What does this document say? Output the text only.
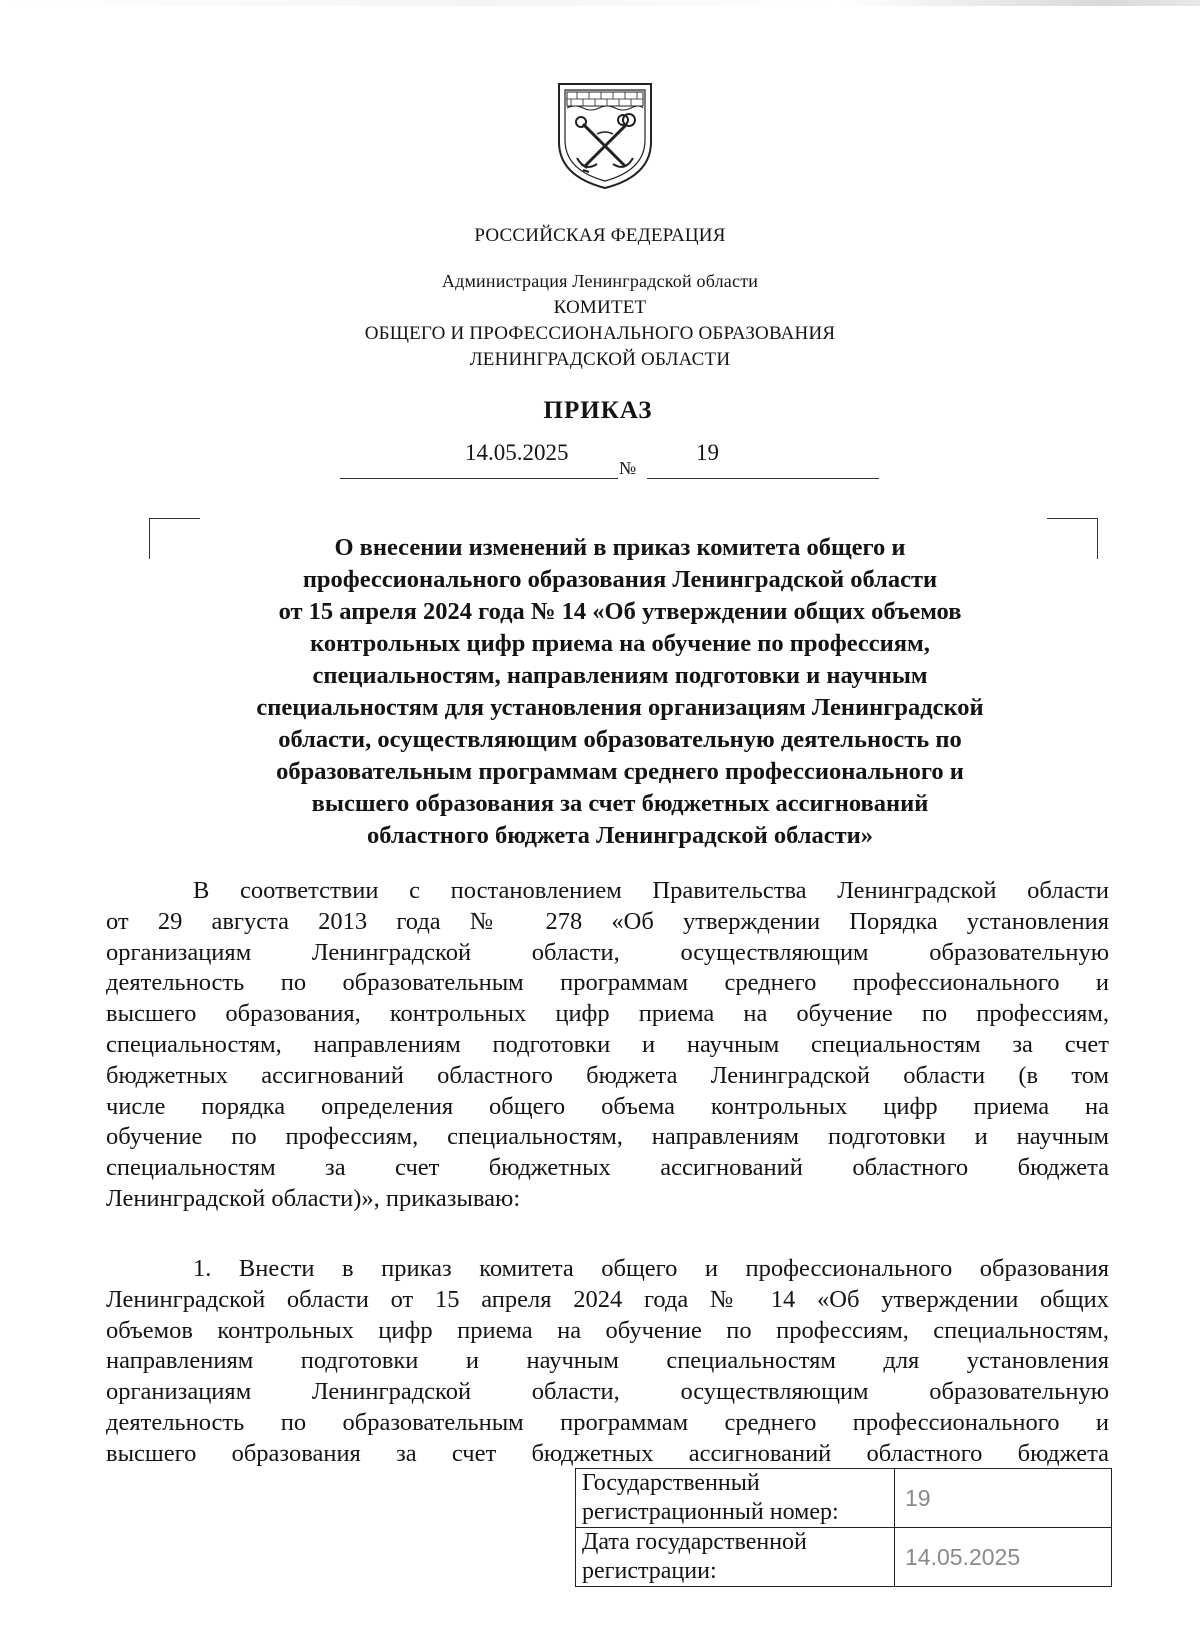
РОССИЙСКАЯ ФЕДЕРАЦИЯ
Администрация Ленинградской области
КОМИТЕТ
ОБЩЕГО И ПРОФЕССИОНАЛЬНОГО ОБРАЗОВАНИЯ
ЛЕНИНГРАДСКОЙ ОБЛАСТИ
ПРИКАЗ
14.05.2025
№
19
О внесении изменений в приказ комитета общего и
профессионального образования Ленинградской области
от 15 апреля 2024 года № 14 «Об утверждении общих объемов
контрольных цифр приема на обучение по профессиям,
специальностям, направлениям подготовки и научным
специальностям для установления организациям Ленинградской
области, осуществляющим образовательную деятельность по
образовательным программам среднего профессионального и
высшего образования за счет бюджетных ассигнований
областного бюджета Ленинградской области»
В соответствии с постановлением Правительства Ленинградской области
от 29 августа 2013 года № 278 «Об утверждении Порядка установления
организациям Ленинградской области, осуществляющим образовательную
деятельность по образовательным программам среднего профессионального и
высшего образования, контрольных цифр приема на обучение по профессиям,
специальностям, направлениям подготовки и научным специальностям за счет
бюджетных ассигнований областного бюджета Ленинградской области (в том
числе порядка определения общего объема контрольных цифр приема на
обучение по профессиям, специальностям, направлениям подготовки и научным
специальностям за счет бюджетных ассигнований областного бюджета
Ленинградской области)», приказываю:
1. Внести в приказ комитета общего и профессионального образования
Ленинградской области от 15 апреля 2024 года № 14 «Об утверждении общих
объемов контрольных цифр приема на обучение по профессиям, специальностям,
направлениям подготовки и научным специальностям для установления
организациям Ленинградской области, осуществляющим образовательную
деятельность по образовательным программам среднего профессионального и
высшего образования за счет бюджетных ассигнований областного бюджета
Государственный
регистрационный номер:	19

Дата государственной
регистрации:	14.05.2025
